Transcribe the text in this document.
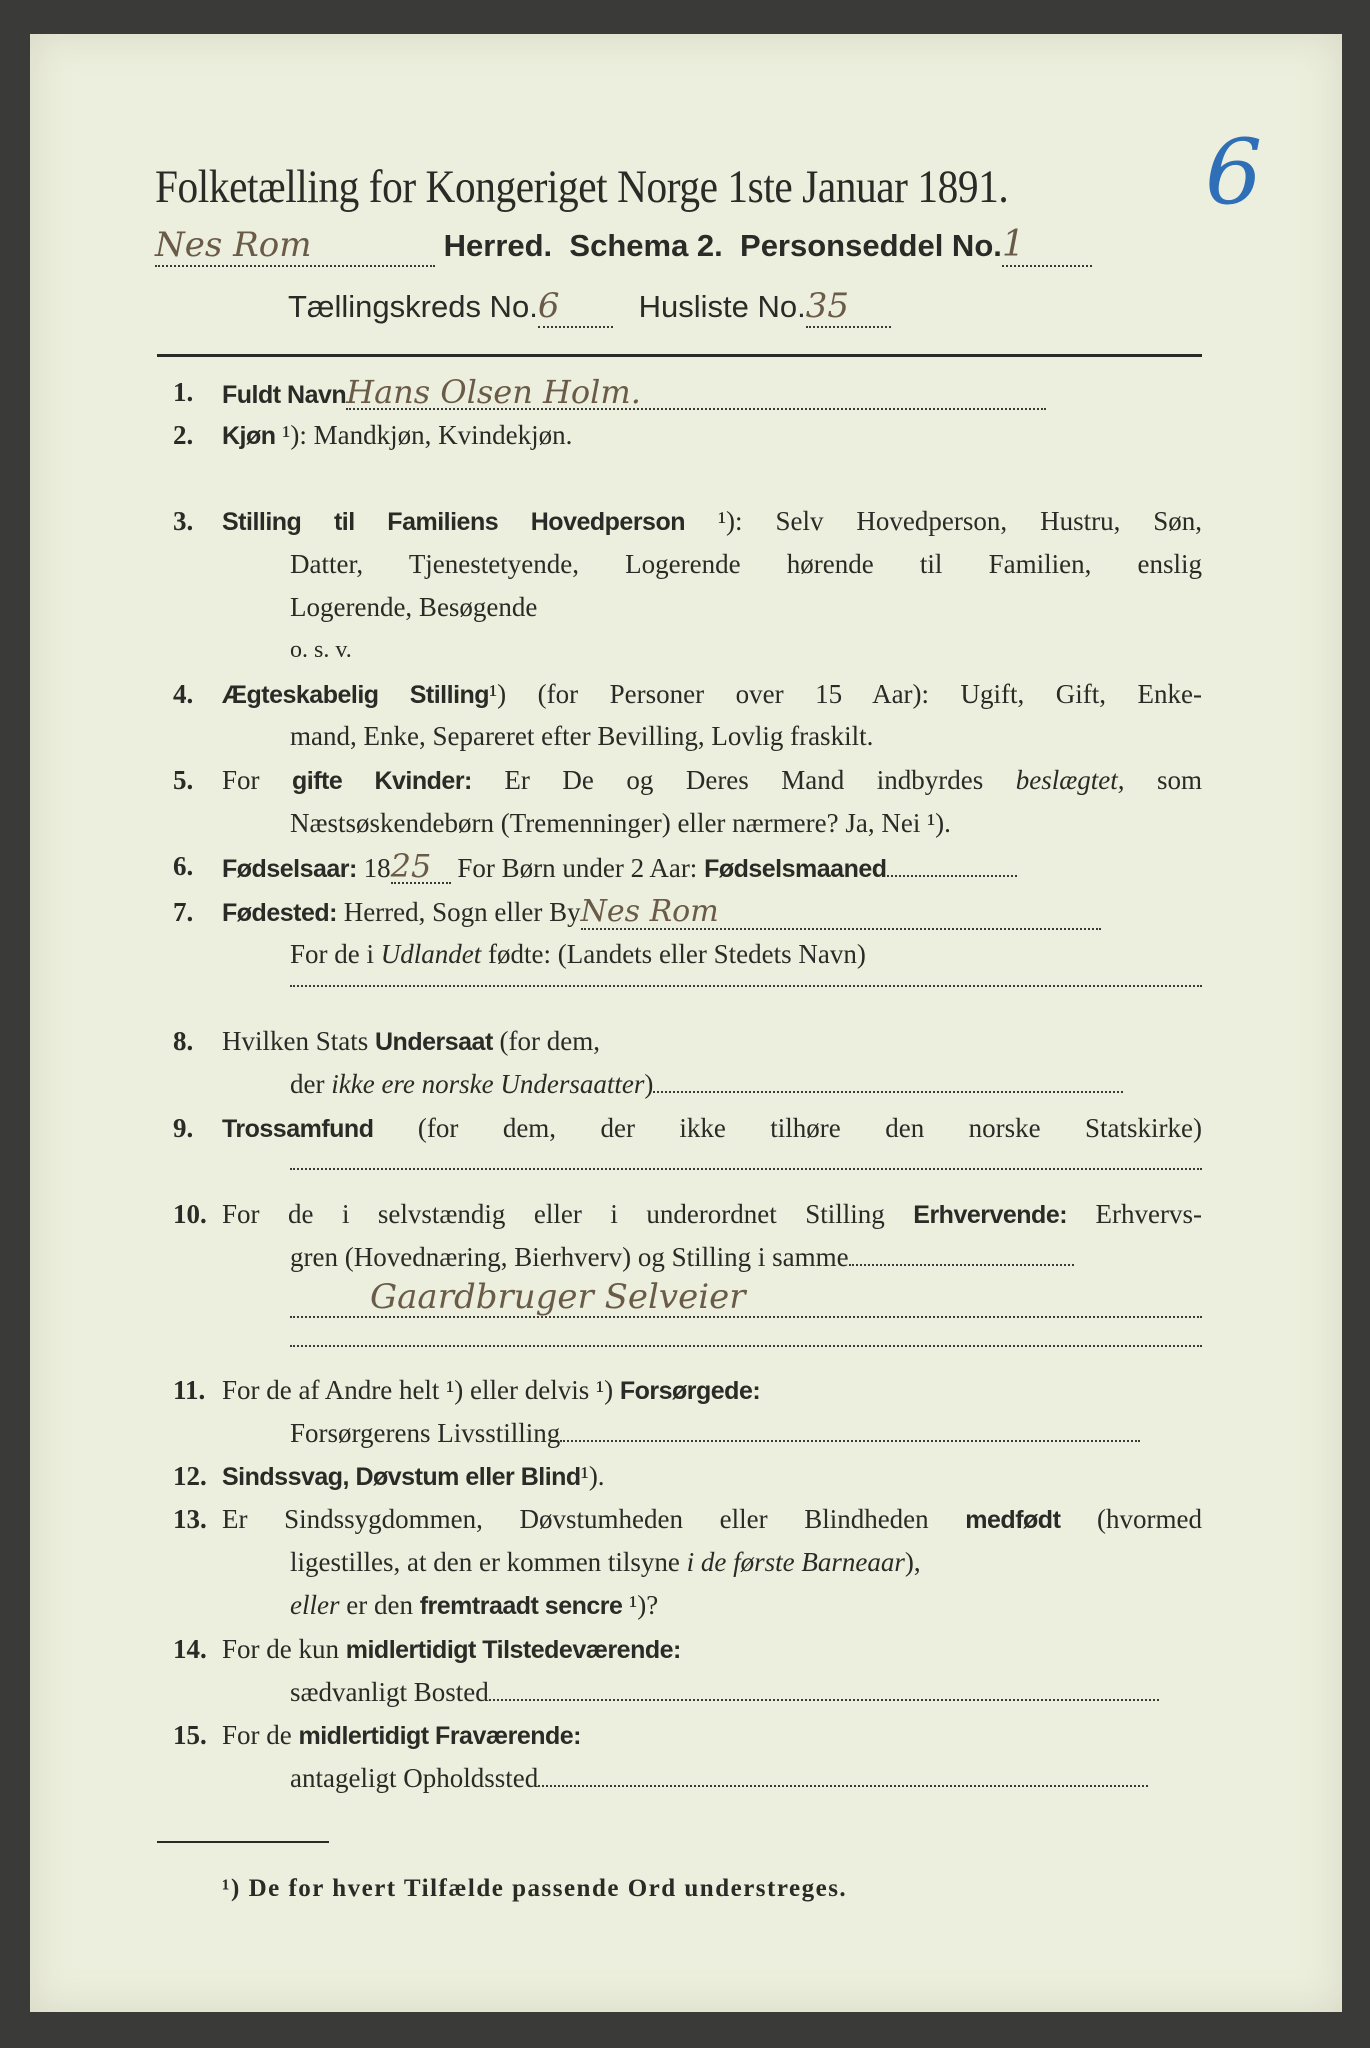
Folketælling for Kongeriget Norge 1ste Januar 1891. 6
Nes Rom	Herred. Schema 2. Personseddel No.1
Tællingskreds No.6	Husliste No.35
1. Fuldt NavnHans Olsen Holm.
2. Kjøn ¹): Mandkjøn, Kvindekjøn.
3. Stilling til Familiens Hovedperson ¹): Selv Hovedperson, Hustru, Søn,
Datter, Tjenestetyende, Logerende hørende til Familien, enslig
Logerende, Besøgende
o. s. v.
4. Ægteskabelig Stilling¹) (for Personer over 15 Aar): Ugift, Gift, Enke-
mand, Enke, Separeret efter Bevilling, Lovlig fraskilt.
5. For gifte Kvinder: Er De og Deres Mand indbyrdes beslægtet, som
Næstsøskendebørn (Tremenninger) eller nærmere? Ja, Nei ¹).
6. Fødselsaar: 1825 For Børn under 2 Aar: Fødselsmaaned
7. Fødested: Herred, Sogn eller ByNes Rom
For de i Udlandet fødte: (Landets eller Stedets Navn)
8. Hvilken Stats Undersaat (for dem,
der ikke ere norske Undersaatter)
9. Trossamfund (for dem, der ikke tilhøre den norske Statskirke)
10. For de i selvstændig eller i underordnet Stilling Erhvervende: Erhvervs-
gren (Hovednæring, Bierhverv) og Stilling i samme
Gaardbruger Selveier
11. For de af Andre helt ¹) eller delvis ¹) Forsørgede:
Forsørgerens Livsstilling
12. Sindssvag, Døvstum eller Blind¹).
13. Er Sindssygdommen, Døvstumheden eller Blindheden medfødt (hvormed
ligestilles, at den er kommen tilsyne i de første Barneaar),
eller er den fremtraadt sencre ¹)?
14. For de kun midlertidigt Tilstedeværende:
sædvanligt Bosted
15. For de midlertidigt Fraværende:
antageligt Opholdssted
¹) De for hvert Tilfælde passende Ord understreges.
